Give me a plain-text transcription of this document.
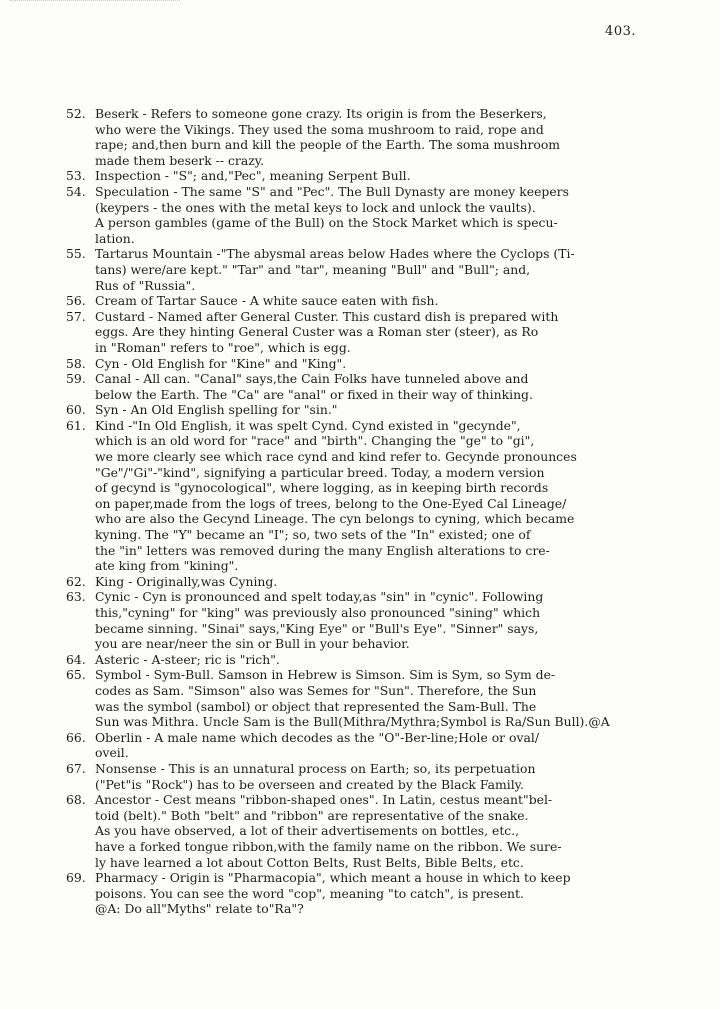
403.
52. Beserk - Refers to someone gone crazy. Its origin is from the Beserkers,
who were the Vikings. They used the soma mushroom to raid, rope and
rape; and,then burn and kill the people of the Earth. The soma mushroom
made them beserk -- crazy.
53. Inspection - "S"; and,"Pec", meaning Serpent Bull.
54. Speculation - The same "S" and "Pec". The Bull Dynasty are money keepers
(keypers - the ones with the metal keys to lock and unlock the vaults).
A person gambles (game of the Bull) on the Stock Market which is specu-
lation.
55. Tartarus Mountain -"The abysmal areas below Hades where the Cyclops (Ti-
tans) were/are kept." "Tar" and "tar", meaning "Bull" and "Bull"; and,
Rus of "Russia".
56. Cream of Tartar Sauce - A white sauce eaten with fish.
57. Custard - Named after General Custer. This custard dish is prepared with
eggs. Are they hinting General Custer was a Roman ster (steer), as Ro
in "Roman" refers to "roe", which is egg.
58. Cyn - Old English for "Kine" and "King".
59. Canal - All can. "Canal" says,the Cain Folks have tunneled above and
below the Earth. The "Ca" are "anal" or fixed in their way of thinking.
60. Syn - An Old English spelling for "sin."
61. Kind -"In Old English, it was spelt Cynd. Cynd existed in "gecynde",
which is an old word for "race" and "birth". Changing the "ge" to "gi",
we more clearly see which race cynd and kind refer to. Gecynde pronounces
"Ge"/"Gi"-"kind", signifying a particular breed. Today, a modern version
of gecynd is "gynocological", where logging, as in keeping birth records
on paper,made from the logs of trees, belong to the One-Eyed Cal Lineage/
who are also the Gecynd Lineage. The cyn belongs to cyning, which became
kyning. The "Y" became an "I"; so, two sets of the "In" existed; one of
the "in" letters was removed during the many English alterations to cre-
ate king from "kining".
62. King - Originally,was Cyning.
63. Cynic - Cyn is pronounced and spelt today,as "sin" in "cynic". Following
this,"cyning" for "king" was previously also pronounced "sining" which
became sinning. "Sinai" says,"King Eye" or "Bull's Eye". "Sinner" says,
you are near/neer the sin or Bull in your behavior.
64. Asteric - A-steer; ric is "rich".
65. Symbol - Sym-Bull. Samson in Hebrew is Simson. Sim is Sym, so Sym de-
codes as Sam. "Simson" also was Semes for "Sun". Therefore, the Sun
was the symbol (sambol) or object that represented the Sam-Bull. The
Sun was Mithra. Uncle Sam is the Bull(Mithra/Mythra;Symbol is Ra/Sun Bull).@A
66. Oberlin - A male name which decodes as the "O"-Ber-line;Hole or oval/
oveil.
67. Nonsense - This is an unnatural process on Earth; so, its perpetuation
("Pet"is "Rock") has to be overseen and created by the Black Family.
68. Ancestor - Cest means "ribbon-shaped ones". In Latin, cestus meant"bel-
toid (belt)." Both "belt" and "ribbon" are representative of the snake.
As you have observed, a lot of their advertisements on bottles, etc.,
have a forked tongue ribbon,with the family name on the ribbon. We sure-
ly have learned a lot about Cotton Belts, Rust Belts, Bible Belts, etc.
69. Pharmacy - Origin is "Pharmacopia", which meant a house in which to keep
poisons. You can see the word "cop", meaning "to catch", is present.
@A: Do all"Myths" relate to"Ra"?
